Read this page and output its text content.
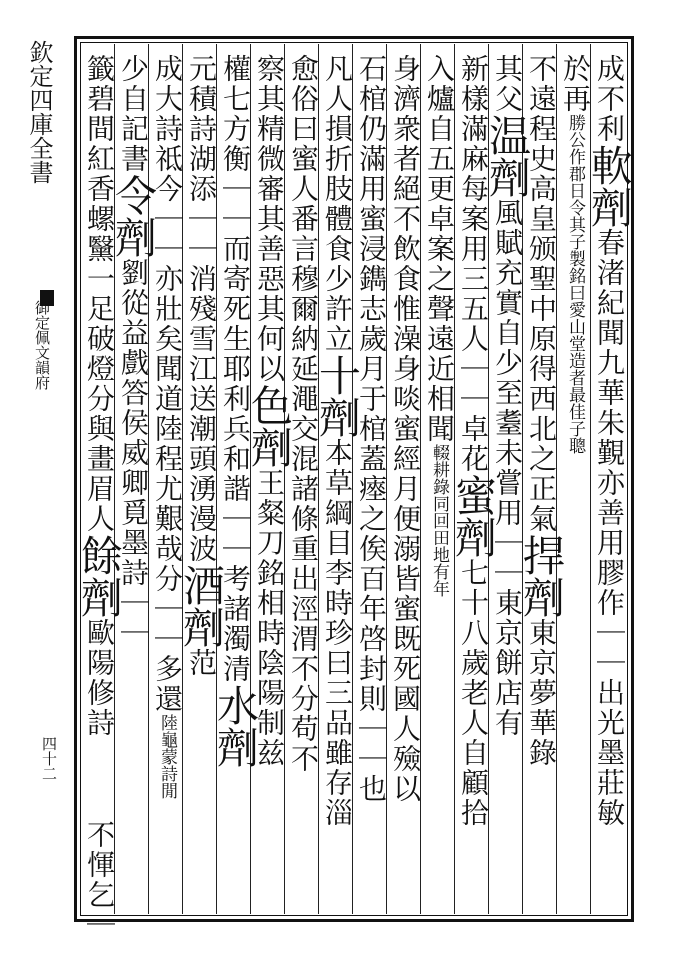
欽定四庫全書
御定佩文韻府
四十二
成不利軟劑春渚紀聞九華朱覲亦善用膠作｜｜出光墨莊敏
於再勝公作郡日令其子製銘曰愛山堂造者最佳子聰
不遠程史高皇颁聖中原得西北之正氣捍劑東京夢華錄
其父温劑風賦充實自少至耋未嘗用｜｜東京餅店有
新樣滿麻每案用三五人｜｜卓花蜜劑七十八歲老人自顧拾
入爐自五更卓案之聲遠近相聞輟耕錄同回田地有年
身濟衆者絕不飲食惟澡身啖蜜經月便溺皆蜜既死國人殮以
石棺仍滿用蜜浸鐫志歲月于棺蓋瘞之俟百年啓封則｜｜也
凡人損折肢體食少許立十劑本草綱目李時珍曰三品雖存淄
愈俗曰蜜人番言穆爾納延澠交混諸條重出涇渭不分苟不
察其精微審其善惡其何以色劑王粲刀銘相時陰陽制兹
權七方衡｜｜而寄死生耶利兵和諧｜｜考諸濁清水劑
元積詩湖添｜｜消殘雪江送潮頭湧漫波酒劑范
成大詩祗今｜｜亦壯矣聞道陸程尤艱哉分｜｜多還陸龜蒙詩閒
少自記書令劑劉從益戲答侯威卿覓墨詩｜｜
籤碧間紅香螺黳一足破燈分與畫眉人餘劑歐陽修詩
不惲乞｜
